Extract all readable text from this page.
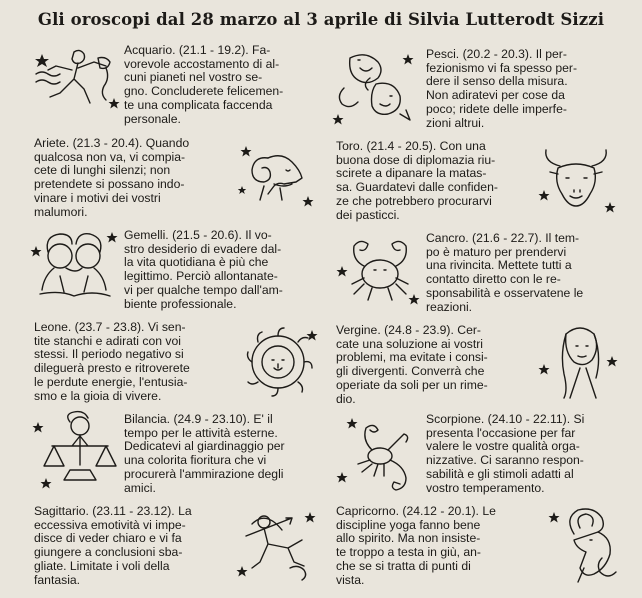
Gli oroscopi dal 28 marzo al 3 aprile di Silvia Lutterodt Sizzi
Acquario. (21.1 - 19.2). Fa-
vorevole accostamento di al-
cuni pianeti nel vostro se-
gno. Concluderete felicemen-
te una complicata faccenda
personale.
Ariete. (21.3 - 20.4). Quando
qualcosa non va, vi compia-
cete di lunghi silenzi; non
pretendete si possano indo-
vinare i motivi dei vostri
malumori.
Gemelli. (21.5 - 20.6). Il vo-
stro desiderio di evadere dal-
la vita quotidiana è più che
legittimo. Perciò allontanate-
vi per qualche tempo dall'am-
biente professionale.
Leone. (23.7 - 23.8). Vi sen-
tite stanchi e adirati con voi
stessi. Il periodo negativo si
dileguerà presto e ritroverete
le perdute energie, l'entusia-
smo e la gioia di vivere.
Bilancia. (24.9 - 23.10). E' il
tempo per le attività esterne.
Dedicatevi al giardinaggio per
una colorita fioritura che vi
procurerà l'ammirazione degli
amici.
Sagittario. (23.11 - 23.12). La
eccessiva emotività vi impe-
disce di veder chiaro e vi fa
giungere a conclusioni sba-
gliate. Limitate i voli della
fantasia.
Pesci. (20.2 - 20.3). Il per-
fezionismo vi fa spesso per-
dere il senso della misura.
Non adiratevi per cose da
poco; ridete delle imperfe-
zioni altrui.
Toro. (21.4 - 20.5). Con una
buona dose di diplomazia riu-
scirete a dipanare la matas-
sa. Guardatevi dalle confiden-
ze che potrebbero procurarvi
dei pasticci.
Cancro. (21.6 - 22.7). Il tem-
po è maturo per prendervi
una rivincita. Mettete tutti a
contatto diretto con le re-
sponsabilità e osservatene le
reazioni.
Vergine. (24.8 - 23.9). Cer-
cate una soluzione ai vostri
problemi, ma evitate i consi-
gli divergenti. Converrà che
operiate da soli per un rime-
dio.
Scorpione. (24.10 - 22.11). Si
presenta l'occasione per far
valere le vostre qualità orga-
nizzative. Ci saranno respon-
sabilità e gli stimoli adatti al
vostro temperamento.
Capricorno. (24.12 - 20.1). Le
discipline yoga fanno bene
allo spirito. Ma non insiste-
te troppo a testa in giù, an-
che se si tratta di punti di
vista.
